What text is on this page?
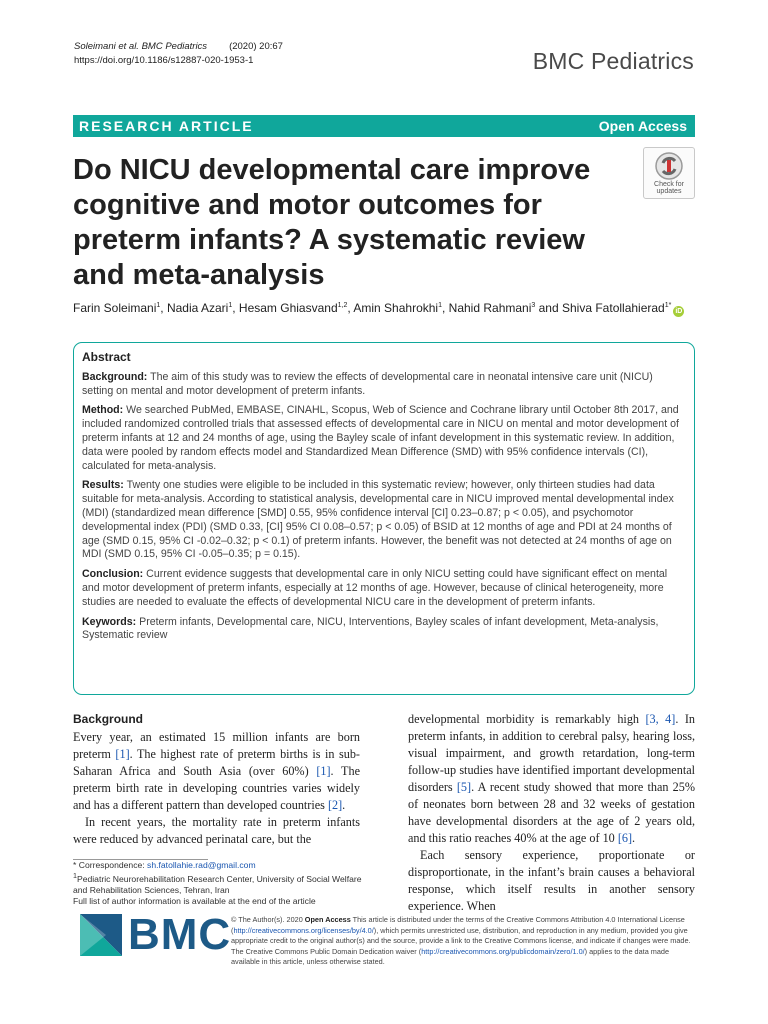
Soleimani et al. BMC Pediatrics (2020) 20:67
https://doi.org/10.1186/s12887-020-1953-1	BMC Pediatrics
RESEARCH ARTICLE	Open Access
Do NICU developmental care improve cognitive and motor outcomes for preterm infants? A systematic review and meta-analysis
Check for
updates
Farin Soleimani$^1$, Nadia Azari$^1$, Hesam Ghiasvand$^{1,2}$, Amin Shahrokhi$^1$, Nahid Rahmani$^3$ and Shiva Fatollahierad$^{1*}$iD
Abstract

Background: The aim of this study was to review the effects of developmental care in neonatal intensive care unit (NICU) setting on mental and motor development of preterm infants.

Method: We searched PubMed, EMBASE, CINAHL, Scopus, Web of Science and Cochrane library until October 8th 2017, and included randomized controlled trials that assessed effects of developmental care in NICU on mental and motor development of preterm infants at 12 and 24 months of age, using the Bayley scale of infant development in this systematic review. In addition, data were pooled by random effects model and Standardized Mean Difference (SMD) with 95% confidence intervals (CI), calculated for meta-analysis.

Results: Twenty one studies were eligible to be included in this systematic review; however, only thirteen studies had data suitable for meta-analysis. According to statistical analysis, developmental care in NICU improved mental developmental index (MDI) (standardized mean difference [SMD] 0.55, 95% confidence interval [CI] 0.23–0.87; p < 0.05), and psychomotor developmental index (PDI) (SMD 0.33, [CI] 95% CI 0.08–0.57; p < 0.05) of BSID at 12 months of age and PDI at 24 months of age (SMD 0.15, 95% CI -0.02–0.32; p < 0.1) of preterm infants. However, the benefit was not detected at 24 months of age on MDI (SMD 0.15, 95% CI -0.05–0.35; p = 0.15).

Conclusion: Current evidence suggests that developmental care in only NICU setting could have significant effect on mental and motor development of preterm infants, especially at 12 months of age. However, because of clinical heterogeneity, more studies are needed to evaluate the effects of developmental NICU care in the development of preterm infants.

Keywords: Preterm infants, Developmental care, NICU, Interventions, Bayley scales of infant development, Meta-analysis, Systematic review

Background

Every year, an estimated 15 million infants are born preterm [1]. The highest rate of preterm births is in sub-Saharan Africa and South Asia (over 60%) [1]. The preterm birth rate in developing countries varies widely and has a different pattern than developed countries [2].

In recent years, the mortality rate in preterm infants were reduced by advanced perinatal care, but the

developmental morbidity is remarkably high [3, 4]. In preterm infants, in addition to cerebral palsy, hearing loss, visual impairment, and growth retardation, long-term follow-up studies have identified important developmental disorders [5]. A recent study showed that more than 25% of neonates born between 28 and 32 weeks of gestation have developmental disorders at the age of 2 years old, and this ratio reaches 40% at the age of 10 [6].

Each sensory experience, proportionate or disproportionate, in the infant’s brain causes a behavioral response, which itself results in another sensory experience. When

* Correspondence: sh.fatollahie.rad@gmail.com
$^1$Pediatric Neurorehabilitation Research Center, University of Social Welfare and Rehabilitation Sciences, Tehran, Iran
Full list of author information is available at the end of the article
BMC © The Author(s). 2020 Open Access This article is distributed under the terms of the Creative Commons Attribution 4.0 International License (http://creativecommons.org/licenses/by/4.0/), which permits unrestricted use, distribution, and reproduction in any medium, provided you give appropriate credit to the original author(s) and the source, provide a link to the Creative Commons license, and indicate if changes were made. The Creative Commons Public Domain Dedication waiver (http://creativecommons.org/publicdomain/zero/1.0/) applies to the data made available in this article, unless otherwise stated.
